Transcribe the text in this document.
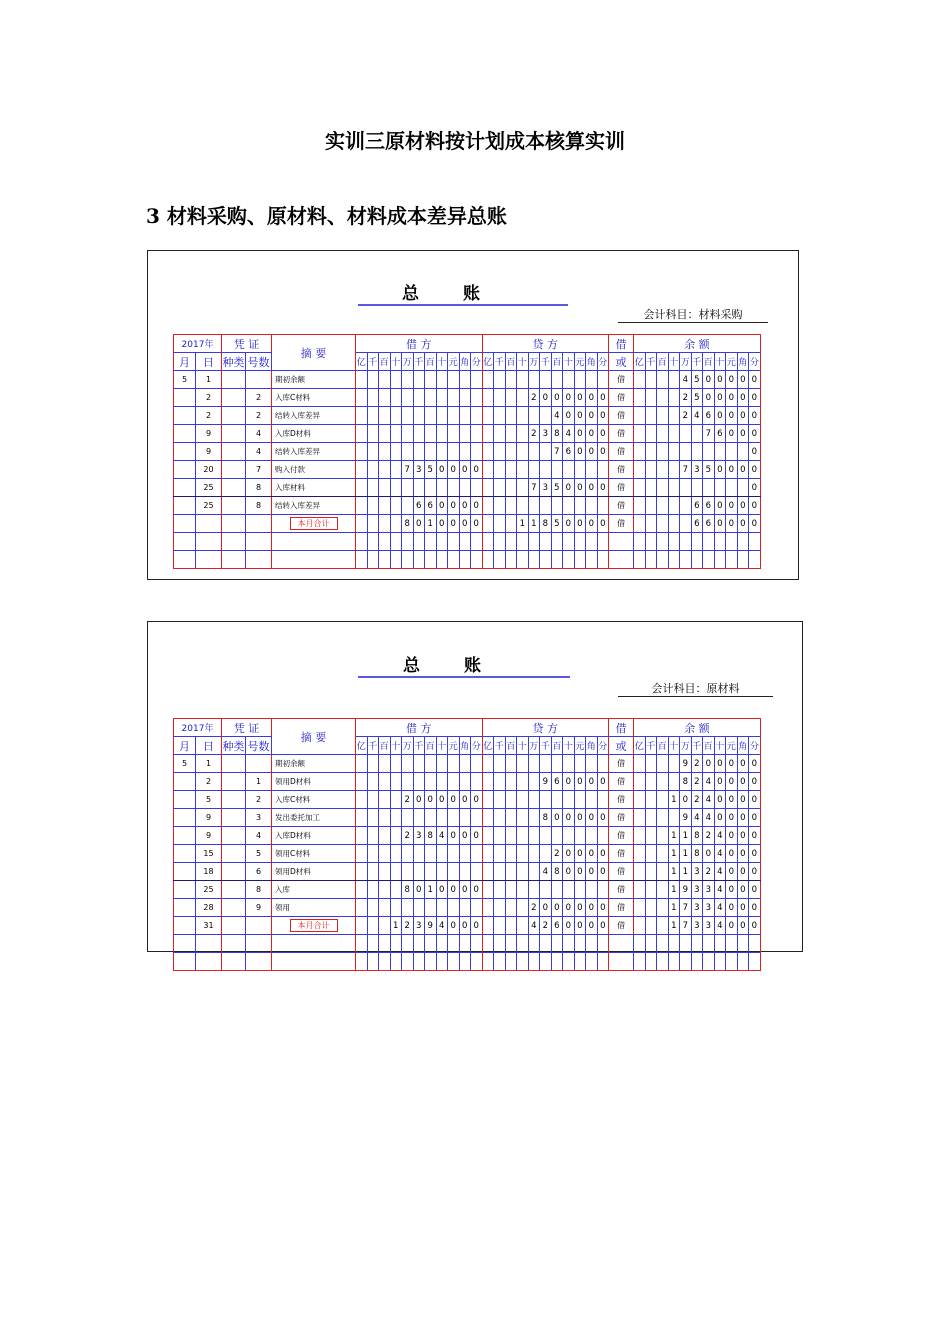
实训三原材料按计划成本核算实训
3 材料采购、原材料、材料成本差异总账
总账
会计科目：材料采购
2017年		凭 证		摘 要	借 方											贷 方											借	余 额										
月	日	种类	号数		亿	千	百	十	万	千	百	十	元	角	分	亿	千	百	十	万	千	百	十	元	角	分	或	亿	千	百	十	万	千	百	十	元	角	分
5	1			期初余额																							借					4	5	0	0	0	0	0
	2		2	入库C材料																2	0	0	0	0	0	0	借					2	5	0	0	0	0	0
	2		2	结转入库差异																		4	0	0	0	0	借					2	4	6	0	0	0	0
	9		4	入库D材料																2	3	8	4	0	0	0	借							7	6	0	0	0
	9		4	结转入库差异																		7	6	0	0	0	借											0
	20		7	购入付款					7	3	5	0	0	0	0												借					7	3	5	0	0	0	0
	25		8	入库材料																7	3	5	0	0	0	0	借											0
	25		8	结转入库差异						6	6	0	0	0	0												借						6	6	0	0	0	0
				本月合计					8	0	1	0	0	0	0				1	1	8	5	0	0	0	0	借						6	6	0	0	0	0

总账
会计科目：原材料
2017年		凭 证		摘 要	借 方											贷 方											借	余 额										
月	日	种类	号数		亿	千	百	十	万	千	百	十	元	角	分	亿	千	百	十	万	千	百	十	元	角	分	或	亿	千	百	十	万	千	百	十	元	角	分
5	1			期初余额																							借					9	2	0	0	0	0	0
	2		1	领用D材料																	9	6	0	0	0	0	借					8	2	4	0	0	0	0
	5		2	入库C材料					2	0	0	0	0	0	0												借				1	0	2	4	0	0	0	0
	9		3	发出委托加工																	8	0	0	0	0	0	借					9	4	4	0	0	0	0
	9		4	入库D材料					2	3	8	4	0	0	0												借				1	1	8	2	4	0	0	0
	15		5	领用C材料																		2	0	0	0	0	借				1	1	8	0	4	0	0	0
	18		6	领用D材料																	4	8	0	0	0	0	借				1	1	3	2	4	0	0	0
	25		8	入库					8	0	1	0	0	0	0												借				1	9	3	3	4	0	0	0
	28		9	领用																2	0	0	0	0	0	0	借				1	7	3	3	4	0	0	0
	31			本月合计				1	2	3	9	4	0	0	0					4	2	6	0	0	0	0	借				1	7	3	3	4	0	0	0
